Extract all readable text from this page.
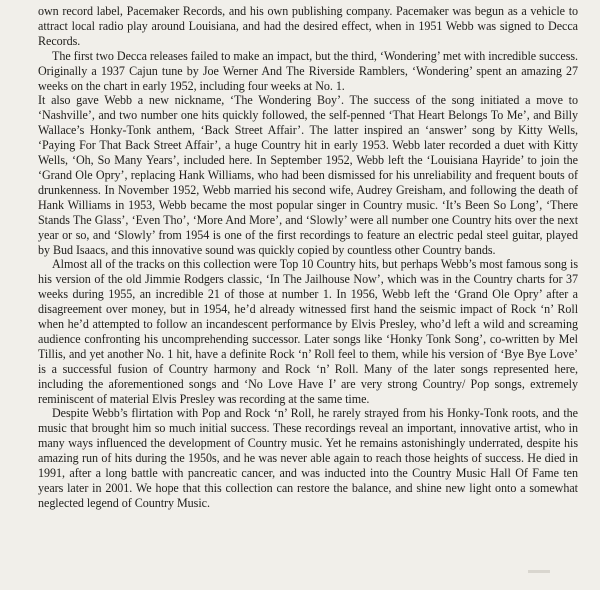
own record label, Pacemaker Records, and his own publishing company. Pacemaker was begun as a vehicle to attract local radio play around Louisiana, and had the desired effect, when in 1951 Webb was signed to Decca Records.

The first two Decca releases failed to make an impact, but the third, ‘Wondering’ met with incredible success. Originally a 1937 Cajun tune by Joe Werner And The Riverside Ramblers, ‘Wondering’ spent an amazing 27 weeks on the chart in early 1952, including four weeks at No. 1.

It also gave Webb a new nickname, ‘The Wondering Boy’. The success of the song initiated a move to ‘Nashville’, and two number one hits quickly followed, the self-penned ‘That Heart Belongs To Me’, and Billy Wallace’s Honky-Tonk anthem, ‘Back Street Affair’. The latter inspired an ‘answer’ song by Kitty Wells, ‘Paying For That Back Street Affair’, a huge Country hit in early 1953. Webb later recorded a duet with Kitty Wells, ‘Oh, So Many Years’, included here. In September 1952, Webb left the ‘Louisiana Hayride’ to join the ‘Grand Ole Opry’, replacing Hank Williams, who had been dismissed for his unreliability and frequent bouts of drunkenness. In November 1952, Webb married his second wife, Audrey Greisham, and following the death of Hank Williams in 1953, Webb became the most popular singer in Country music. ‘It’s Been So Long’, ‘There Stands The Glass’, ‘Even Tho’, ‘More And More’, and ‘Slowly’ were all number one Country hits over the next year or so, and ‘Slowly’ from 1954 is one of the first recordings to feature an electric pedal steel guitar, played by Bud Isaacs, and this innovative sound was quickly copied by countless other Country bands.

Almost all of the tracks on this collection were Top 10 Country hits, but perhaps Webb’s most famous song is his version of the old Jimmie Rodgers classic, ‘In The Jailhouse Now’, which was in the Country charts for 37 weeks during 1955, an incredible 21 of those at number 1. In 1956, Webb left the ‘Grand Ole Opry’ after a disagreement over money, but in 1954, he’d already witnessed first hand the seismic impact of Rock ‘n’ Roll when he’d attempted to follow an incandescent performance by Elvis Presley, who’d left a wild and screaming audience confronting his uncomprehending successor. Later songs like ‘Honky Tonk Song’, co-written by Mel Tillis, and yet another No. 1 hit, have a definite Rock ‘n’ Roll feel to them, while his version of ‘Bye Bye Love’ is a successful fusion of Country harmony and Rock ‘n’ Roll. Many of the later songs represented here, including the aforementioned songs and ‘No Love Have I’ are very strong Country/ Pop songs, extremely reminiscent of material Elvis Presley was recording at the same time.

Despite Webb’s flirtation with Pop and Rock ‘n’ Roll, he rarely strayed from his Honky-Tonk roots, and the music that brought him so much initial success. These recordings reveal an important, innovative artist, who in many ways influenced the development of Country music. Yet he remains astonishingly underrated, despite his amazing run of hits during the 1950s, and he was never able again to reach those heights of success. He died in 1991, after a long battle with pancreatic cancer, and was inducted into the Country Music Hall Of Fame ten years later in 2001. We hope that this collection can restore the balance, and shine new light onto a somewhat neglected legend of Country Music.
